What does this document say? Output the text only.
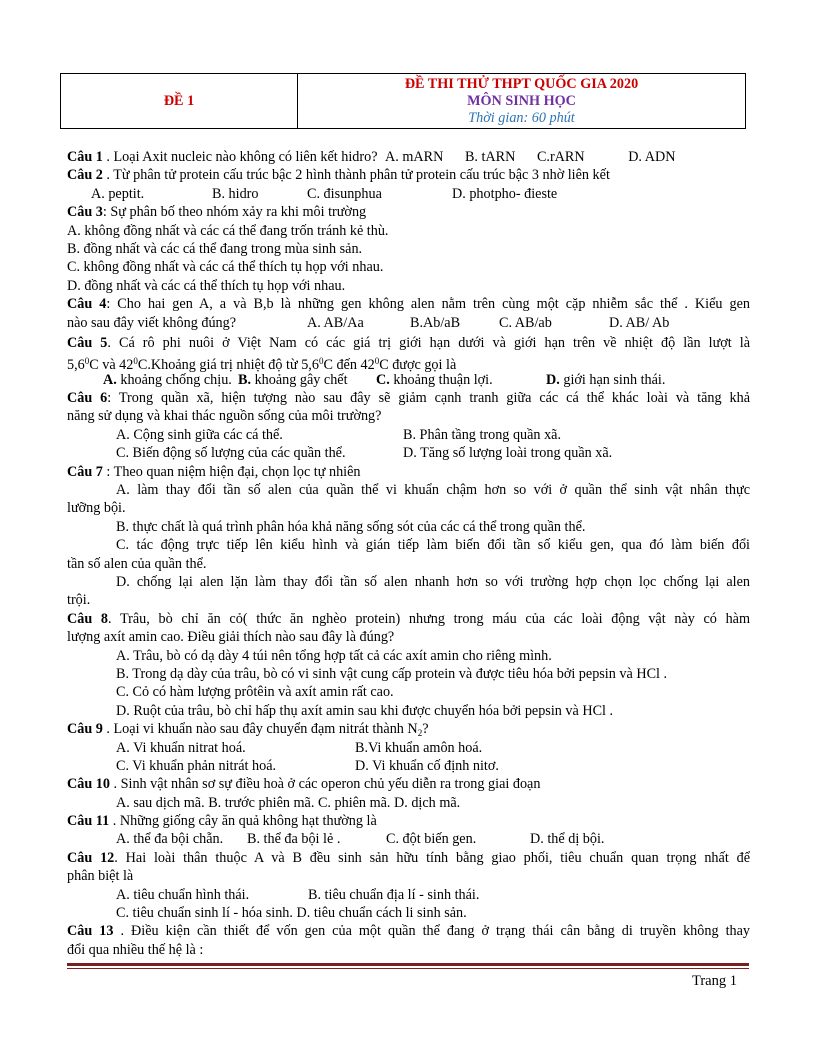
ĐỀ 1
ĐỀ THI THỬ THPT QUỐC GIA 2020
MÔN SINH HỌC
Thời gian: 60 phút
Câu 1 . Loại Axit nucleic nào không có liên kết hidro? A. mARN B. tARN C.rARN	D. ADN
Câu 2 . Từ phân tử protein cấu trúc bậc 2 hình thành phân tử protein cấu trúc bậc 3 nhờ liên kết
A. peptit.	B. hidro	C. đisunphua	D. photpho- đieste
Câu 3: Sự phân bố theo nhóm xảy ra khi môi trường
A. không đồng nhất và các cá thể đang trốn tránh kẻ thù.
B. đồng nhất và các cá thể đang trong mùa sinh sản.
C. không đồng nhất và các cá thể thích tụ họp với nhau.
D. đồng nhất và các cá thể thích tụ họp với nhau.
Câu 4: Cho hai gen A, a và B,b là những gen không alen nằm trên cùng một cặp nhiễm sắc thể . Kiểu gen
nào sau đây viết không đúng?	A. AB/Aa	B.Ab/aB	C. AB/ab	D. AB/ Ab
Câu 5. Cá rô phi nuôi ở Việt Nam có các giá trị giới hạn dưới và giới hạn trên về nhiệt độ lần lượt là
$5,6^0C$ và $42^0C.Khoảng$ giá trị nhiệt độ từ $5,6^0C$ đến $42^0C$ được gọi là
A. khoảng chống chịu. B. khoảng gây chết C. khoảng thuận lợi.	D. giới hạn sinh thái.
Câu 6: Trong quần xã, hiện tượng nào sau đây sẽ giảm cạnh tranh giữa các cá thể khác loài và tăng khả
năng sử dụng và khai thác nguồn sống của môi trường?
A. Cộng sinh giữa các cá thể.	B. Phân tầng trong quần xã.
C. Biến động số lượng của các quần thể.	D. Tăng số lượng loài trong quần xã.
Câu 7 : Theo quan niệm hiện đại, chọn lọc tự nhiên
A. làm thay đổi tần số alen của quần thể vi khuẩn chậm hơn so với ở quần thể sinh vật nhân thực
lưỡng bội.
B. thực chất là quá trình phân hóa khả năng sống sót của các cá thể trong quần thể.
C. tác động trực tiếp lên kiểu hình và gián tiếp làm biến đổi tần số kiểu gen, qua đó làm biến đổi
tần số alen của quần thể.
D. chống lại alen lặn làm thay đổi tần số alen nhanh hơn so với trường hợp chọn lọc chống lại alen
trội.
Câu 8. Trâu, bò chỉ ăn cỏ( thức ăn nghèo protein) nhưng trong máu của các loài động vật này có hàm
lượng axít amin cao. Điều giải thích nào sau đây là đúng?
A. Trâu, bò có dạ dày 4 túi nên tổng hợp tất cả các axít amin cho riêng mình.
B. Trong dạ dày của trâu, bò có vi sinh vật cung cấp protein và được tiêu hóa bởi pepsin và HCl .
C. Cỏ có hàm lượng prôtêin và axít amin rất cao.
D. Ruột của trâu, bò chỉ hấp thụ axít amin sau khi được chuyển hóa bởi pepsin và HCl .
Câu 9 . Loại vi khuẩn nào sau đây chuyển đạm nitrát thành $N_2$?
A. Vi khuẩn nitrat hoá.	B.Vi khuẩn amôn hoá.
C. Vi khuẩn phản nitrát hoá.	D. Vi khuẩn cố định nitơ.
Câu 10 . Sinh vật nhân sơ sự điều hoà ở các operon chủ yếu diễn ra trong giai đoạn
A. sau dịch mã. B. trước phiên mã. C. phiên mã. D. dịch mã.
Câu 11 . Những giống cây ăn quả không hạt thường là
A. thể đa bội chẵn. B. thể đa bội lẻ .	C. đột biến gen.	D. thể dị bội.
Câu 12. Hai loài thân thuộc A và B đều sinh sản hữu tính bằng giao phối, tiêu chuẩn quan trọng nhất để
phân biệt là
A. tiêu chuẩn hình thái.	B. tiêu chuẩn địa lí - sinh thái.
C. tiêu chuẩn sinh lí - hóa sinh. D. tiêu chuẩn cách li sinh sản.
Câu 13 . Điều kiện cần thiết để vốn gen của một quần thể đang ở trạng thái cân bằng di truyền không thay
đổi qua nhiều thế hệ là :
Trang 1
